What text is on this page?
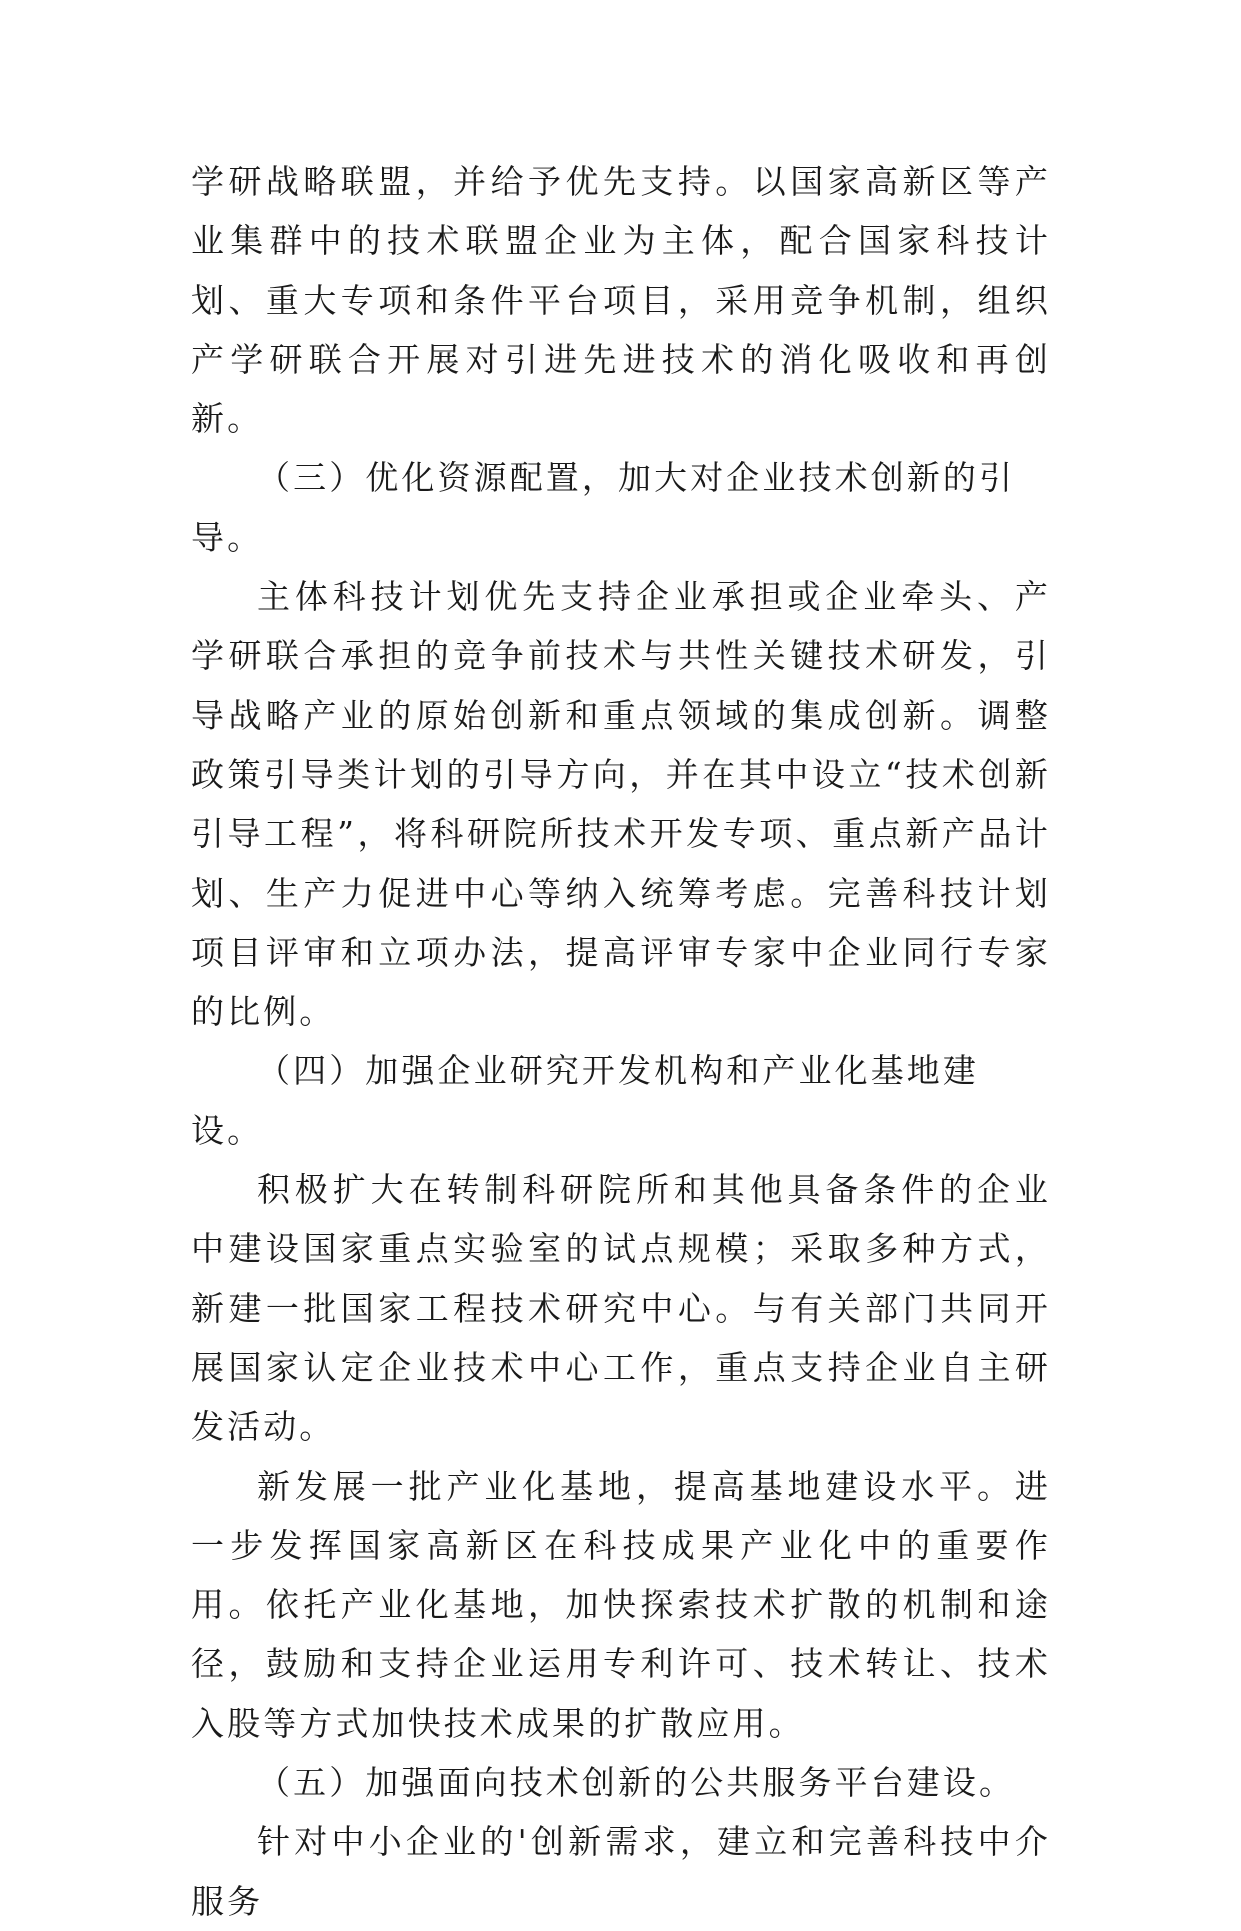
学研战略联盟，并给予优先支持。以国家高新区等产业集群中的技术联盟企业为主体，配合国家科技计划、重大专项和条件平台项目，采用竞争机制，组织产学研联合开展对引进先进技术的消化吸收和再创新。

（三）优化资源配置，加大对企业技术创新的引导。

主体科技计划优先支持企业承担或企业牵头、产学研联合承担的竞争前技术与共性关键技术研发，引导战略产业的原始创新和重点领域的集成创新。调整政策引导类计划的引导方向，并在其中设立“技术创新引导工程”，将科研院所技术开发专项、重点新产品计划、生产力促进中心等纳入统筹考虑。完善科技计划项目评审和立项办法，提高评审专家中企业同行专家的比例。

（四）加强企业研究开发机构和产业化基地建设。

积极扩大在转制科研院所和其他具备条件的企业中建设国家重点实验室的试点规模；采取多种方式，新建一批国家工程技术研究中心。与有关部门共同开展国家认定企业技术中心工作，重点支持企业自主研发活动。

新发展一批产业化基地，提高基地建设水平。进一步发挥国家高新区在科技成果产业化中的重要作用。依托产业化基地，加快探索技术扩散的机制和途径，鼓励和支持企业运用专利许可、技术转让、技术入股等方式加快技术成果的扩散应用。

（五）加强面向技术创新的公共服务平台建设。

针对中小企业的'创新需求，建立和完善科技中介服务
